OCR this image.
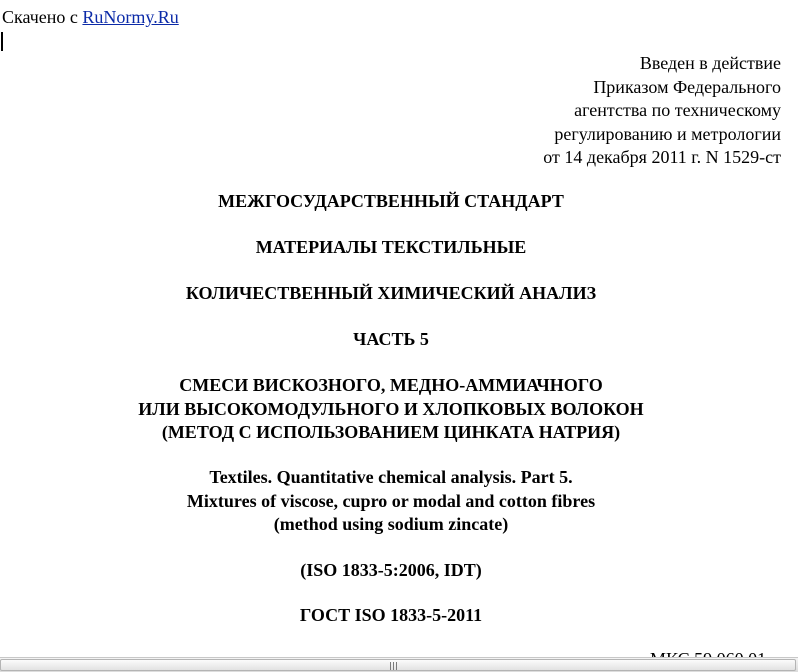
Скачено с RuNormy.Ru
Введен в действие
Приказом Федерального
агентства по техническому
регулированию и метрологии
от 14 декабря 2011 г. N 1529-ст
МЕЖГОСУДАРСТВЕННЫЙ СТАНДАРТ
МАТЕРИАЛЫ ТЕКСТИЛЬНЫЕ
КОЛИЧЕСТВЕННЫЙ ХИМИЧЕСКИЙ АНАЛИЗ
ЧАСТЬ 5
СМЕСИ ВИСКОЗНОГО, МЕДНО-АММИАЧНОГО
ИЛИ ВЫСОКОМОДУЛЬНОГО И ХЛОПКОВЫХ ВОЛОКОН
(МЕТОД С ИСПОЛЬЗОВАНИЕМ ЦИНКАТА НАТРИЯ)
Textiles. Quantitative chemical analysis. Part 5.
Mixtures of viscose, cupro or modal and cotton fibres
(method using sodium zincate)
(ISO 1833-5:2006, IDT)
ГОСТ ISO 1833-5-2011
